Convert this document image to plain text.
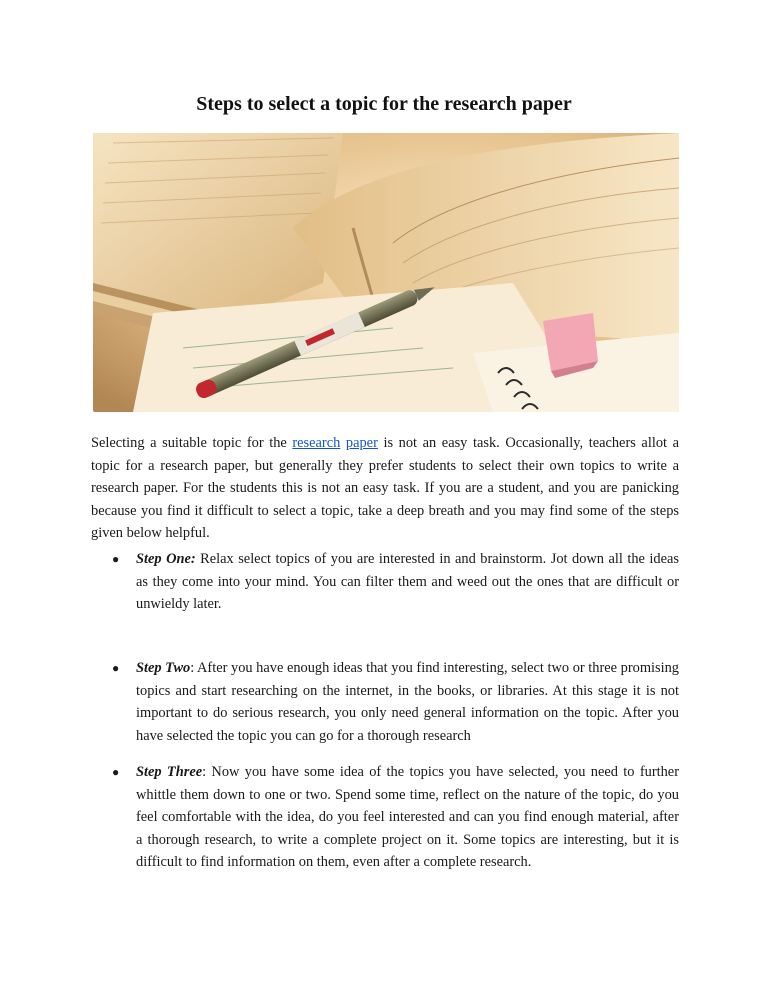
Steps to select a topic for the research paper

Selecting a suitable topic for the research paper is not an easy task. Occasionally, teachers allot a topic for a research paper, but generally they prefer students to select their own topics to write a research paper. For the students this is not an easy task. If you are a student, and you are panicking because you find it difficult to select a topic, take a deep breath and you may find some of the steps given below helpful.

● Step One: Relax select topics of you are interested in and brainstorm. Jot down all the ideas as they come into your mind. You can filter them and weed out the ones that are difficult or unwieldy later.

● Step Two: After you have enough ideas that you find interesting, select two or three promising topics and start researching on the internet, in the books, or libraries. At this stage it is not important to do serious research, you only need general information on the topic. After you have selected the topic you can go for a thorough research

● Step Three: Now you have some idea of the topics you have selected, you need to further whittle them down to one or two. Spend some time, reflect on the nature of the topic, do you feel comfortable with the idea, do you feel interested and can you find enough material, after a thorough research, to write a complete project on it. Some topics are interesting, but it is difficult to find information on them, even after a complete research.
